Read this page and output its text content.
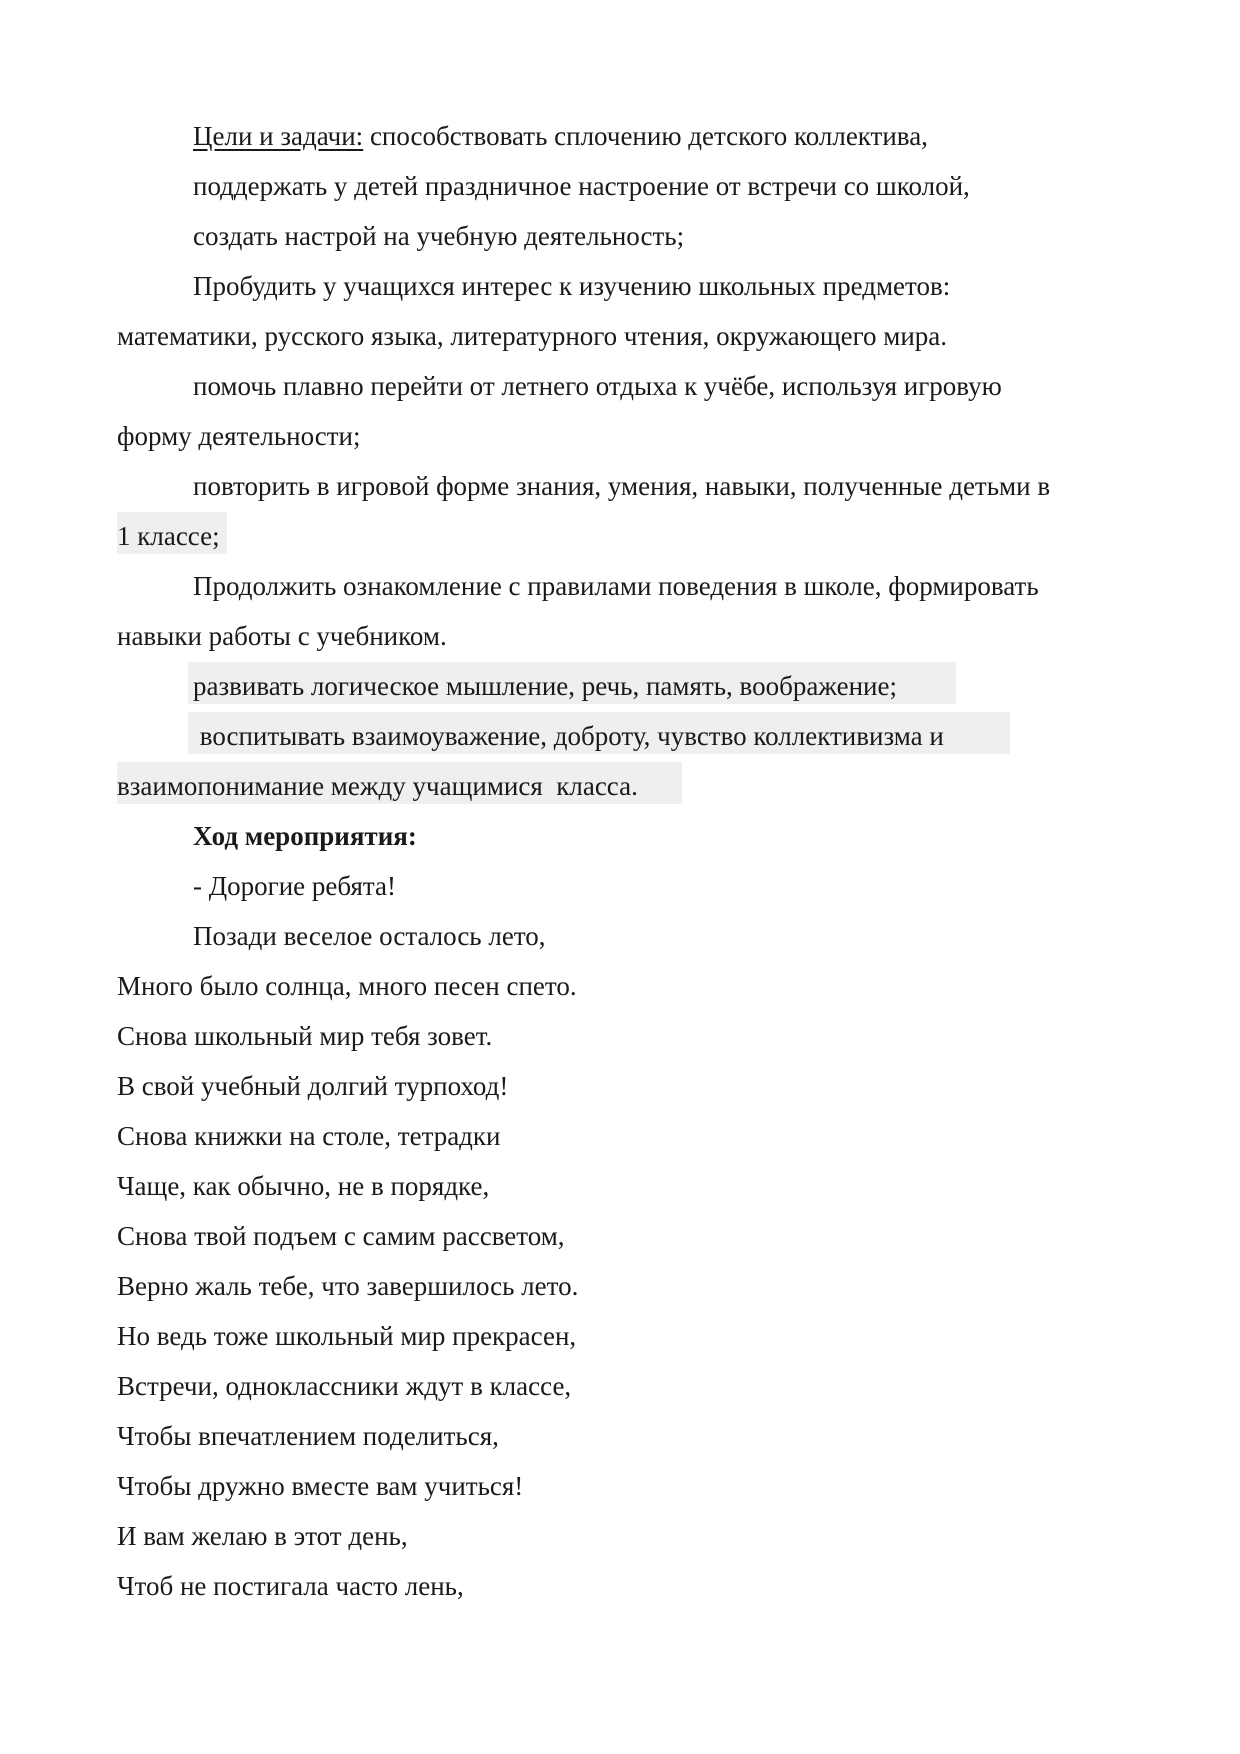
Цели и задачи: способствовать сплочению детского коллектива,

поддержать у детей праздничное настроение от встречи со школой,

создать настрой на учебную деятельность;

Пробудить у учащихся интерес к изучению школьных предметов:

математики, русского языка, литературного чтения, окружающего мира.

помочь плавно перейти от летнего отдыха к учёбе, используя игровую

форму деятельности;

повторить в игровой форме знания, умения, навыки, полученные детьми в

1 классе;

Продолжить ознакомление с правилами поведения в школе, формировать

навыки работы с учебником.

развивать логическое мышление, речь, память, воображение;

воспитывать взаимоуважение, доброту, чувство коллективизма и

взаимопонимание между учащимися  класса.

Ход мероприятия:

- Дорогие ребята!

Позади веселое осталось лето,

Много было солнца, много песен спето.

Снова школьный мир тебя зовет.

В свой учебный долгий турпоход!

Снова книжки на столе, тетрадки

Чаще, как обычно, не в порядке,

Снова твой подъем с самим рассветом,

Верно жаль тебе, что завершилось лето.

Но ведь тоже школьный мир прекрасен,

Встречи, одноклассники ждут в классе,

Чтобы впечатлением поделиться,

Чтобы дружно вместе вам учиться!

И вам желаю в этот день,

Чтоб не постигала часто лень,
